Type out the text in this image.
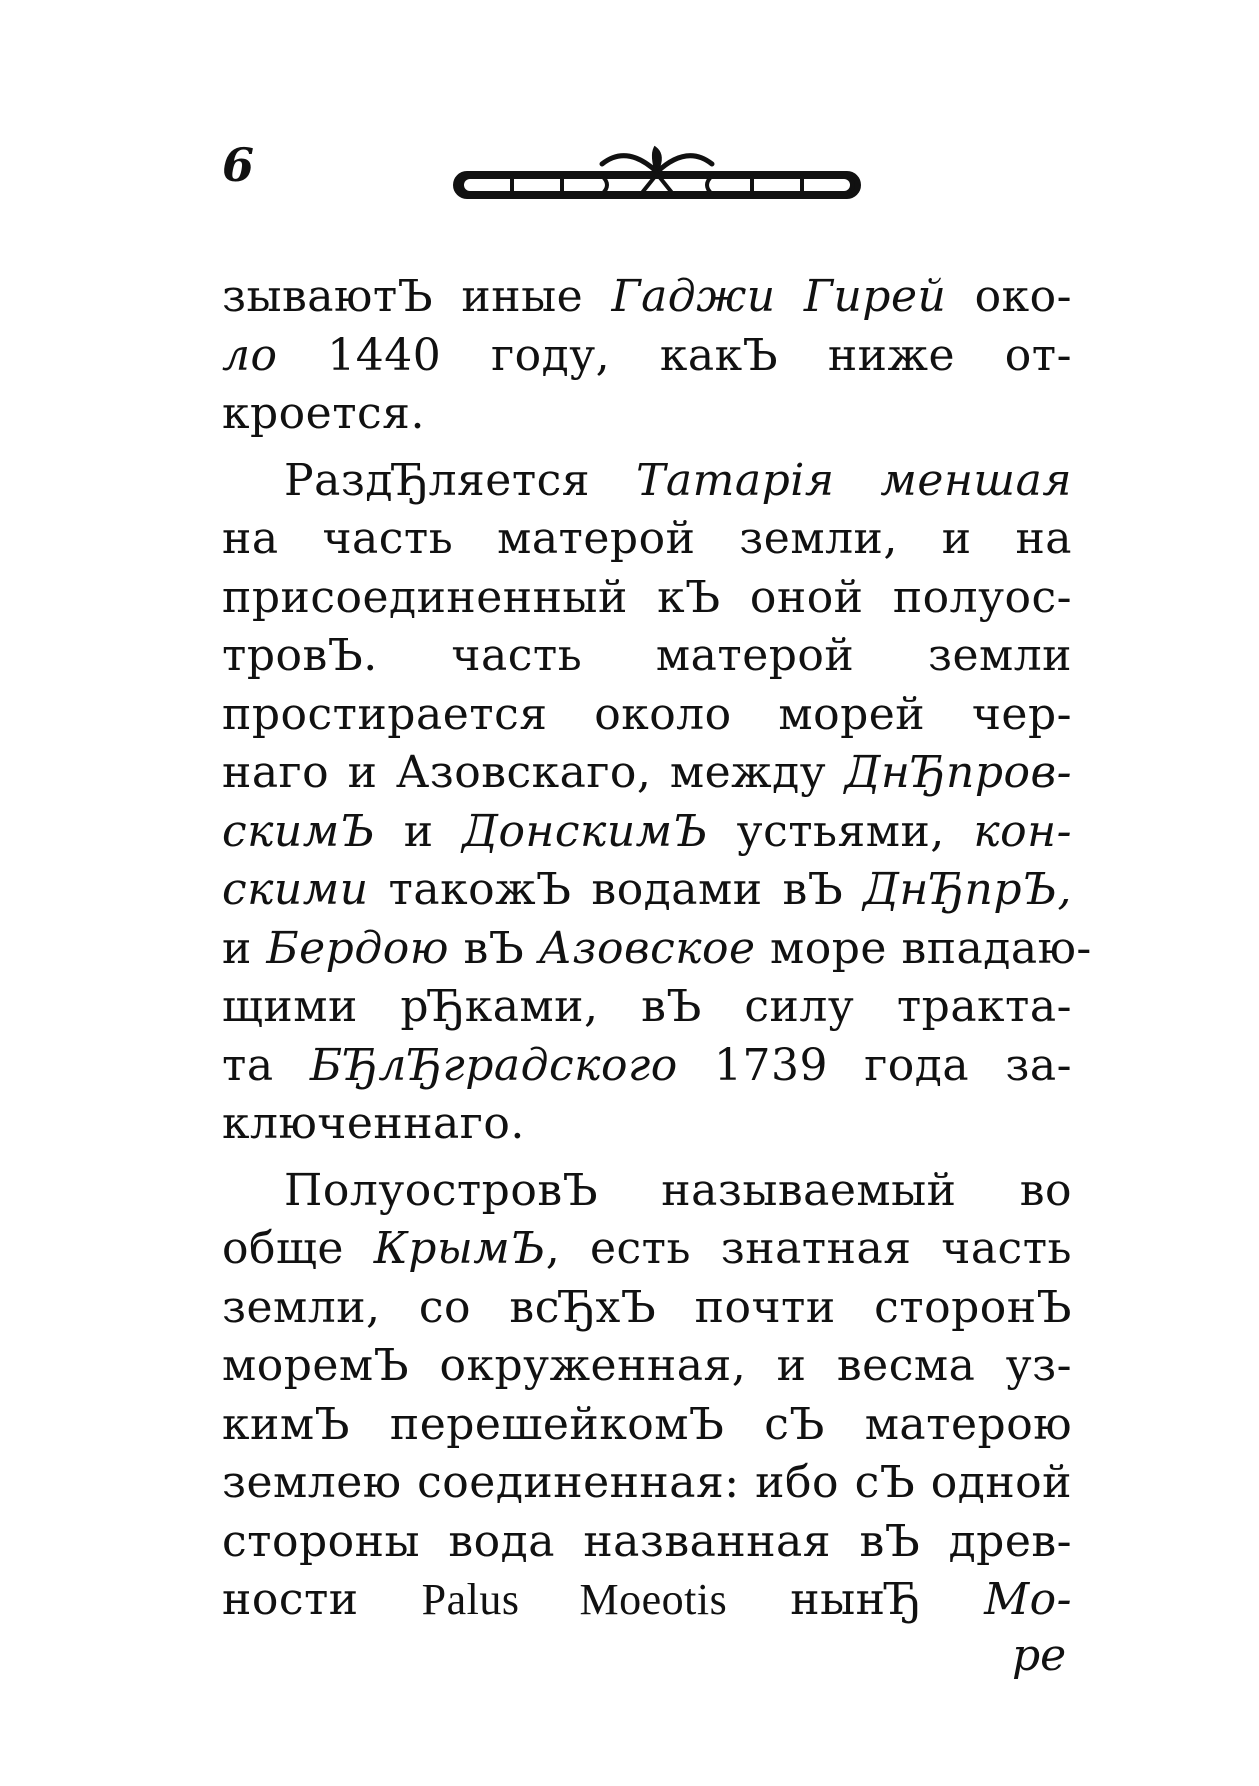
6
зываютЪ иные Гаджи Гирей око-
ло 1440 году, какЪ ниже от-
кроется.
РаздЂляется Татарія меншая
на часть матерой земли, и на
присоединенный кЪ оной полуос-
тровЪ. часть матерой земли
простирается около морей чер-
наго и Азовскаго, между ДнЂпров-
скимЪ и ДонскимЪ устьями, кон-
скими такожЪ водами вЪ ДнЂпрЪ,
и Бердою вЪ Азовское море впадаю-
щими рЂками, вЪ силу тракта-
та БЂлЂградского 1739 года за-
ключеннаго.
ПолуостровЪ называемый во
обще КрымЪ, есть знатная часть
земли, со всЂхЪ почти сторонЪ
моремЪ окруженная, и весма уз-
кимЪ перешейкомЪ сЪ матерою
землею соединенная: ибо сЪ одной
стороны вода названная вЪ древ-
ности Palus Moeotis нынЂ Мо-
ре
